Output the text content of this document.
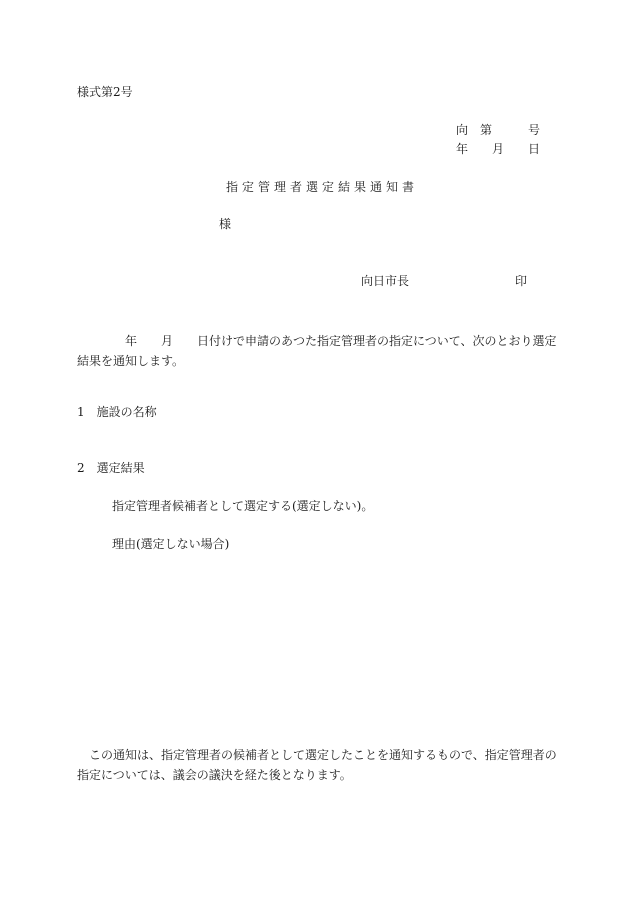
様式第2号
向　第　　　号
年　　月　　日
指定管理者選定結果通知書
様
向日市長	印
　　　　年　　月　　日付けで申請のあつた指定管理者の指定について、次のとおり選定結果を通知します。
1　施設の名称
2　選定結果
指定管理者候補者として選定する(選定しない)。
理由(選定しない場合)
　この通知は、指定管理者の候補者として選定したことを通知するもので、指定管理者の指定については、議会の議決を経た後となります。
